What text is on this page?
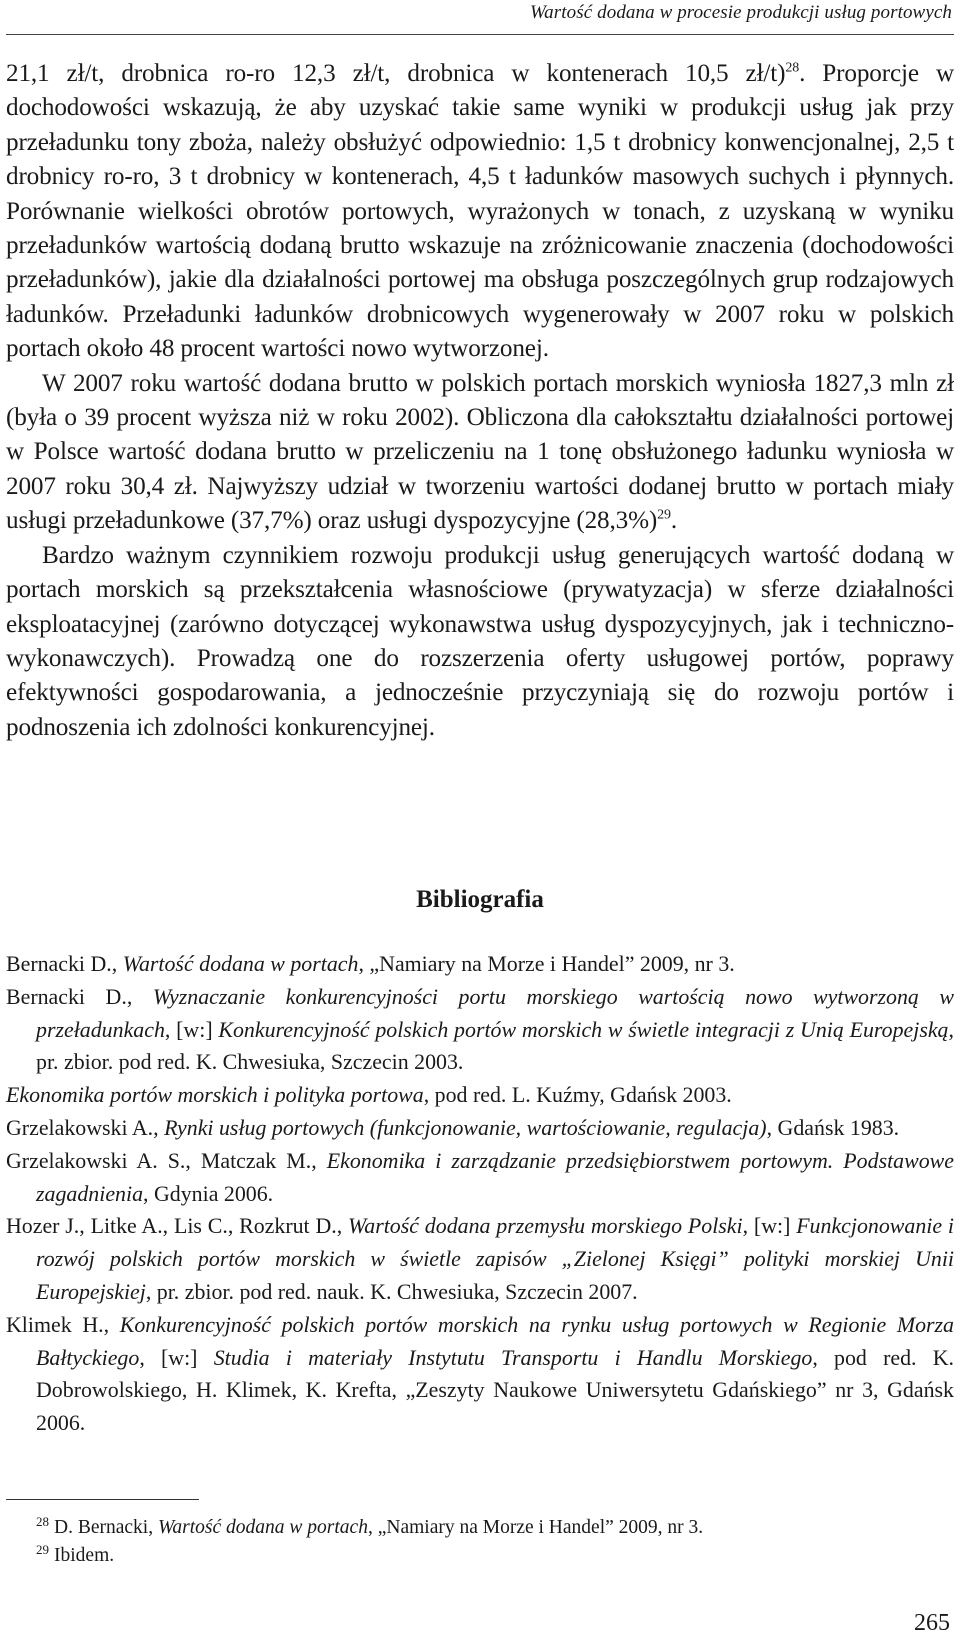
Wartość dodana w procesie produkcji usług portowych

21,1 zł/t, drobnica ro-ro 12,3 zł/t, drobnica w kontenerach 10,5 zł/t)$^{28}$. Proporcje w dochodowości wskazują, że aby uzyskać takie same wyniki w produkcji usług jak przy przeładunku tony zboża, należy obsłużyć odpowiednio: 1,5 t drobnicy konwencjonalnej, 2,5 t drobnicy ro-ro, 3 t drobnicy w kontenerach, 4,5 t ładunków masowych suchych i płynnych. Porównanie wielkości obrotów portowych, wyrażonych w tonach, z uzyskaną w wyniku przeładunków wartością dodaną brutto wskazuje na zróżnicowanie znaczenia (dochodowości przeładunków), jakie dla działalności portowej ma obsługa poszczególnych grup rodzajowych ładunków. Przeładunki ładunków drobnicowych wygenerowały w 2007 roku w polskich portach około 48 procent wartości nowo wytworzonej.

W 2007 roku wartość dodana brutto w polskich portach morskich wyniosła 1827,3 mln zł (była o 39 procent wyższa niż w roku 2002). Obliczona dla całokształtu działalności portowej w Polsce wartość dodana brutto w przeliczeniu na 1 tonę obsłużonego ładunku wyniosła w 2007 roku 30,4 zł. Najwyższy udział w tworzeniu wartości dodanej brutto w portach miały usługi przeładunkowe (37,7%) oraz usługi dyspozycyjne $(28,3\%)^{29}$.

Bardzo ważnym czynnikiem rozwoju produkcji usług generujących wartość dodaną w portach morskich są przekształcenia własnościowe (prywatyzacja) w sferze działalności eksploatacyjnej (zarówno dotyczącej wykonawstwa usług dyspozycyjnych, jak i techniczno-wykonawczych). Prowadzą one do rozszerzenia oferty usługowej portów, poprawy efektywności gospodarowania, a jednocześnie przyczyniają się do rozwoju portów i podnoszenia ich zdolności konkurencyjnej.

Bibliografia

Bernacki D., Wartość dodana w portach, „Namiary na Morze i Handel” 2009, nr 3.

Bernacki D., Wyznaczanie konkurencyjności portu morskiego wartością nowo wytworzoną w przeładunkach, [w:] Konkurencyjność polskich portów morskich w świetle integracji z Unią Europejską, pr. zbior. pod red. K. Chwesiuka, Szczecin 2003.

Ekonomika portów morskich i polityka portowa, pod red. L. Kuźmy, Gdańsk 2003.

Grzelakowski A., Rynki usług portowych (funkcjonowanie, wartościowanie, regulacja), Gdańsk 1983.

Grzelakowski A. S., Matczak M., Ekonomika i zarządzanie przedsiębiorstwem portowym. Podstawowe zagadnienia, Gdynia 2006.

Hozer J., Litke A., Lis C., Rozkrut D., Wartość dodana przemysłu morskiego Polski, [w:] Funkcjonowanie i rozwój polskich portów morskich w świetle zapisów „Zielonej Księgi” polityki morskiej Unii Europejskiej, pr. zbior. pod red. nauk. K. Chwesiuka, Szczecin 2007.

Klimek H., Konkurencyjność polskich portów morskich na rynku usług portowych w Regionie Morza Bałtyckiego, [w:] Studia i materiały Instytutu Transportu i Handlu Morskiego, pod red. K. Dobrowolskiego, H. Klimek, K. Krefta, „Zeszyty Naukowe Uniwersytetu Gdańskiego” nr 3, Gdańsk 2006.

$^{28}$ D. Bernacki, Wartość dodana w portach, „Namiary na Morze i Handel” 2009, nr 3.

$^{29}$ Ibidem.

265
